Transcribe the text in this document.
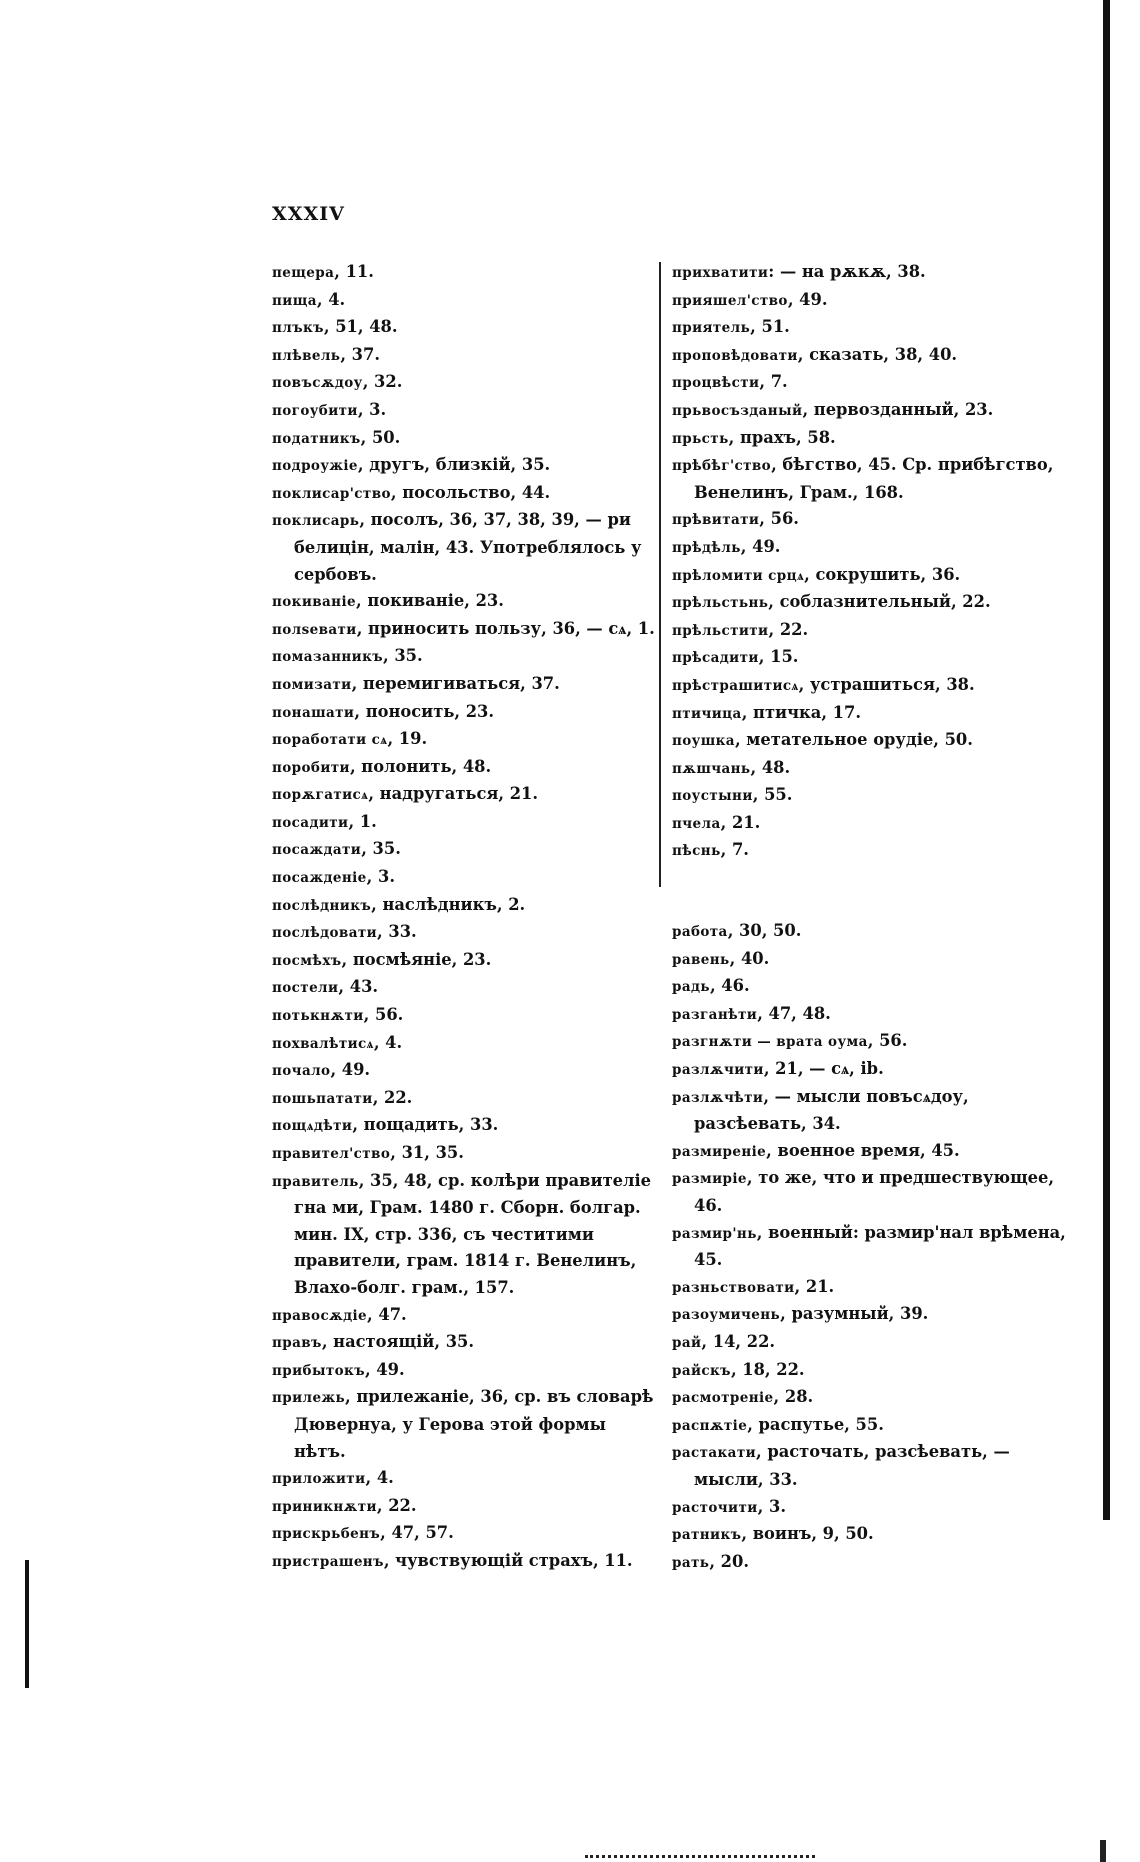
XXXIV

пещера, 11.

пища, 4.

плъкъ, 51, 48.

плѣвель, 37.

повъсѫдоу, 32.

погоубити, 3.

податникъ, 50.

подроужіе, другъ, близкій, 35.

поклисар'ство, посольство, 44.

поклисарь, посолъ, 36, 37, 38, 39, — ри белицін, малін, 43. Употреблялось у сербовъ.

покиваніе, покиваніе, 23.

полѕевати, приносить пользу, 36, — сѧ, 1.

помазанникъ, 35.

помизати, перемигиваться, 37.

понашати, поносить, 23.

поработати сѧ, 19.

поробити, полонить, 48.

порѫгатисѧ, надругаться, 21.

посадити, 1.

посаждати, 35.

посажденіе, 3.

послѣдникъ, наслѣдникъ, 2.

послѣдовати, 33.

посмѣхъ, посмѣяніе, 23.

постели, 43.

потькнѫти, 56.

похвалѣтисѧ, 4.

почало, 49.

пошьпатати, 22.

пощѧдѣти, пощадить, 33.

правител'ство, 31, 35.

правитель, 35, 48, ср. колѣри правителіе гна ми, Грам. 1480 г. Сборн. болгар. мин. IX, стр. 336, съ честитими правители, грам. 1814 г. Венелинъ, Влахо-болг. грам., 157.

правосѫдіе, 47.

правъ, настоящій, 35.

прибытокъ, 49.

прилежь, прилежаніе, 36, ср. въ словарѣ Дювернуа, у Герова этой формы нѣтъ.

приложити, 4.

приникнѫти, 22.

прискрьбенъ, 47, 57.

пристрашенъ, чувствующій страхъ, 11.

прихватити: — на рѫкѫ, 38.

прияшел'ство, 49.

приятель, 51.

проповѣдовати, сказать, 38, 40.

процвѣсти, 7.

прьвосъзданый, первозданный, 23.

прьсть, прахъ, 58.

прѣбѣг'ство, бѣгство, 45. Ср. прибѣгство, Венелинъ, Грам., 168.

прѣвитати, 56.

прѣдѣль, 49.

прѣломити срцѧ, сокрушить, 36.

прѣльстьнь, соблазнительный, 22.

прѣльстити, 22.

прѣсадити, 15.

прѣстрашитисѧ, устрашиться, 38.

птичица, птичка, 17.

поушка, метательное орудіе, 50.

пѫшчань, 48.

поустыни, 55.

пчела, 21.

пѣснь, 7.

работа, 30, 50.

равень, 40.

радь, 46.

разганѣти, 47, 48.

разгнѫти — врата оума, 56.

разлѫчити, 21, — сѧ, ib.

разлѫчѣти, — мысли повъсѧдоу, разсѣевать, 34.

размиреніе, военное время, 45.

размиріе, то же, что и предшествующее, 46.

размир'нь, военный: размир'нал врѣмена, 45.

разньствовати, 21.

разоумичень, разумный, 39.

рай, 14, 22.

райскъ, 18, 22.

расмотреніе, 28.

распѫтіе, распутье, 55.

растакати, расточать, разсѣевать, — мысли, 33.

расточити, 3.

ратникъ, воинъ, 9, 50.

рать, 20.
